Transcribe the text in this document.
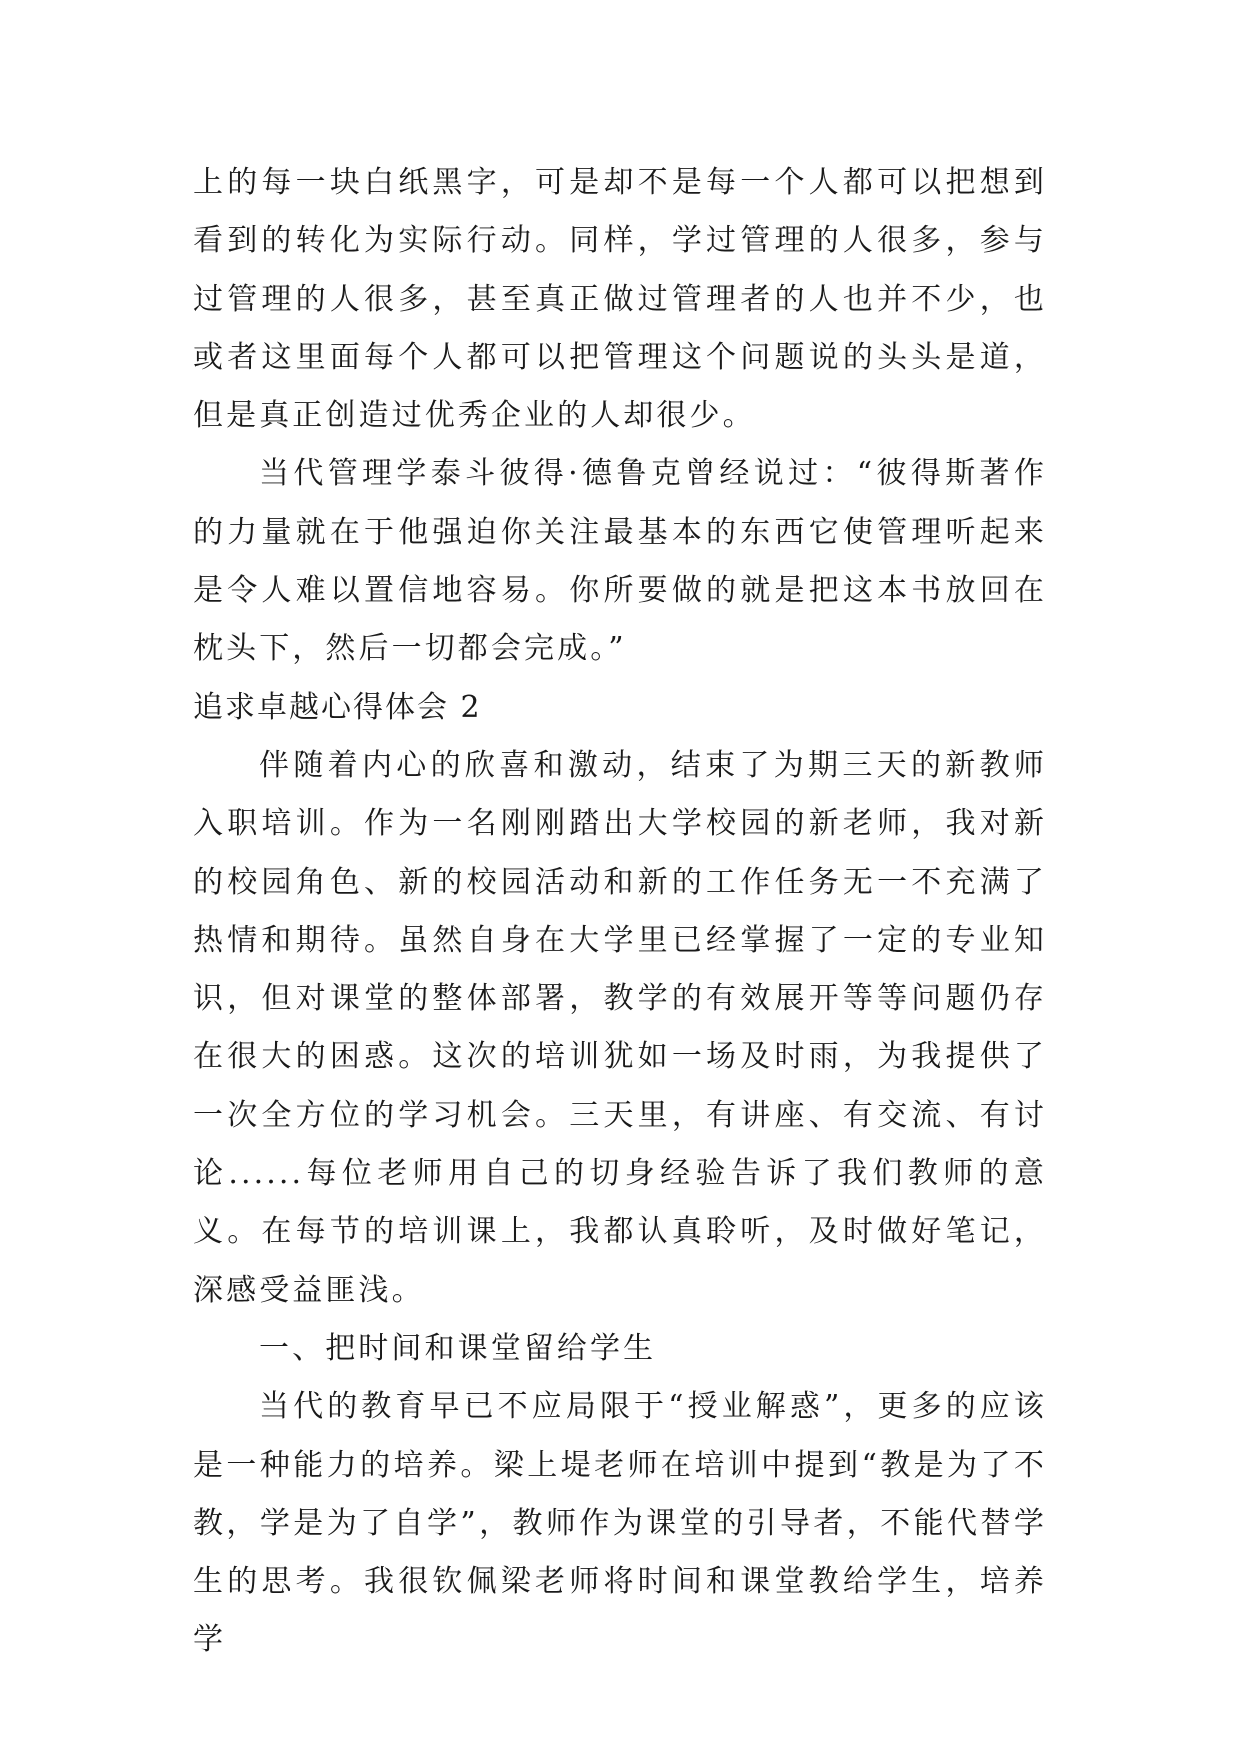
上的每一块白纸黑字，可是却不是每一个人都可以把想到看到的转化为实际行动。同样，学过管理的人很多，参与过管理的人很多，甚至真正做过管理者的人也并不少，也或者这里面每个人都可以把管理这个问题说的头头是道，但是真正创造过优秀企业的人却很少。

当代管理学泰斗彼得·德鲁克曾经说过：“彼得斯著作的力量就在于他强迫你关注最基本的东西它使管理听起来是令人难以置信地容易。你所要做的就是把这本书放回在枕头下，然后一切都会完成。”

追求卓越心得体会 2

伴随着内心的欣喜和激动，结束了为期三天的新教师入职培训。作为一名刚刚踏出大学校园的新老师，我对新的校园角色、新的校园活动和新的工作任务无一不充满了热情和期待。虽然自身在大学里已经掌握了一定的专业知识，但对课堂的整体部署，教学的有效展开等等问题仍存在很大的困惑。这次的培训犹如一场及时雨，为我提供了一次全方位的学习机会。三天里，有讲座、有交流、有讨论......每位老师用自己的切身经验告诉了我们教师的意义。在每节的培训课上，我都认真聆听，及时做好笔记，深感受益匪浅。

一、把时间和课堂留给学生

当代的教育早已不应局限于“授业解惑”，更多的应该是一种能力的培养。梁上堤老师在培训中提到“教是为了不教，学是为了自学”，教师作为课堂的引导者，不能代替学生的思考。我很钦佩梁老师将时间和课堂教给学生，培养学
